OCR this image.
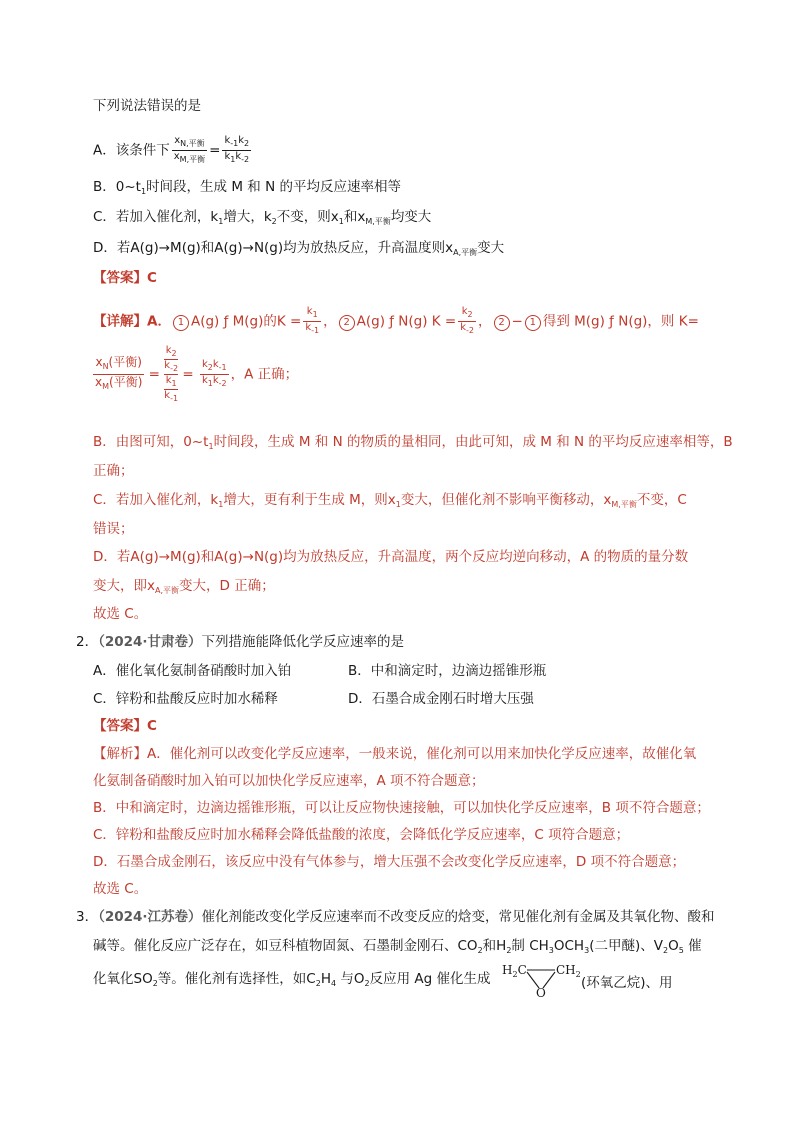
下列说法错误的是
A．该条件下 $\frac{x_{N,平衡}}{x_{M,平衡}} = \frac{k_{-1}k_2}{k_1k_{-2}}$
B．$0\sim t_1$时间段，生成 M 和 N 的平均反应速率相等
C．若加入催化剂，$k_1$增大，$k_2$不变，则$x_1$和$x_{M,平衡}$均变大
D．若A(g)→M(g)和A(g)→N(g)均为放热反应，升高温度则$x_{A,平衡}$变大
【答案】C
【详解】A． 1 A(g) ƒ M(g)的$K = \frac{k_1}{k_{-1}}$ ， 2 A(g) ƒ N(g) $K = \frac{k_2}{k_{-2}}$ ， 2 − 1 得到 M(g) ƒ N(g)，则 K=
$x_N$(平衡)
$x_M$(平衡) = $k_2$
$k_{-2}$
$k_1$
$k_{-1} = \frac{k_2k_{-1}}{k_1k_{-2}}$ ，A 正确；
B．由图可知，$0\sim t_1$时间段，生成 M 和 N 的物质的量相同，由此可知，成 M 和 N 的平均反应速率相等，B
正确；
C．若加入催化剂，$k_1$增大，更有利于生成 M，则$x_1$变大，但催化剂不影响平衡移动，$x_{M,平衡}$不变，C
错误；
D．若A(g)→M(g)和A(g)→N(g)均为放热反应，升高温度，两个反应均逆向移动，A 的物质的量分数
变大，即$x_{A,平衡}$变大，D 正确；
故选 C。
2．（2024·甘肃卷）下列措施能降低化学反应速率的是
A．催化氧化氨制备硝酸时加入铂	B．中和滴定时，边滴边摇锥形瓶
C．锌粉和盐酸反应时加水稀释	D．石墨合成金刚石时增大压强
【答案】C
【解析】A．催化剂可以改变化学反应速率，一般来说，催化剂可以用来加快化学反应速率，故催化氧
化氨制备硝酸时加入铂可以加快化学反应速率，A 项不符合题意；
B．中和滴定时，边滴边摇锥形瓶，可以让反应物快速接触，可以加快化学反应速率，B 项不符合题意；
C．锌粉和盐酸反应时加水稀释会降低盐酸的浓度，会降低化学反应速率，C 项符合题意；
D．石墨合成金刚石，该反应中没有气体参与，增大压强不会改变化学反应速率，D 项不符合题意；
故选 C。
3．（2024·江苏卷）催化剂能改变化学反应速率而不改变反应的焓变，常见催化剂有金属及其氧化物、酸和
碱等。催化反应广泛存在，如豆科植物固氮、石墨制金刚石、$CO_2$和$H_2$制 $CH_3OCH_3$(二甲醚)、$V_2O_5$ 催
化氧化$SO_2$等。催化剂有选择性，如$C_2H_4$ 与$O_2$反应用 Ag 催化生成
$H_2C$ $CH_2$
O
(环氧乙烷)、用
